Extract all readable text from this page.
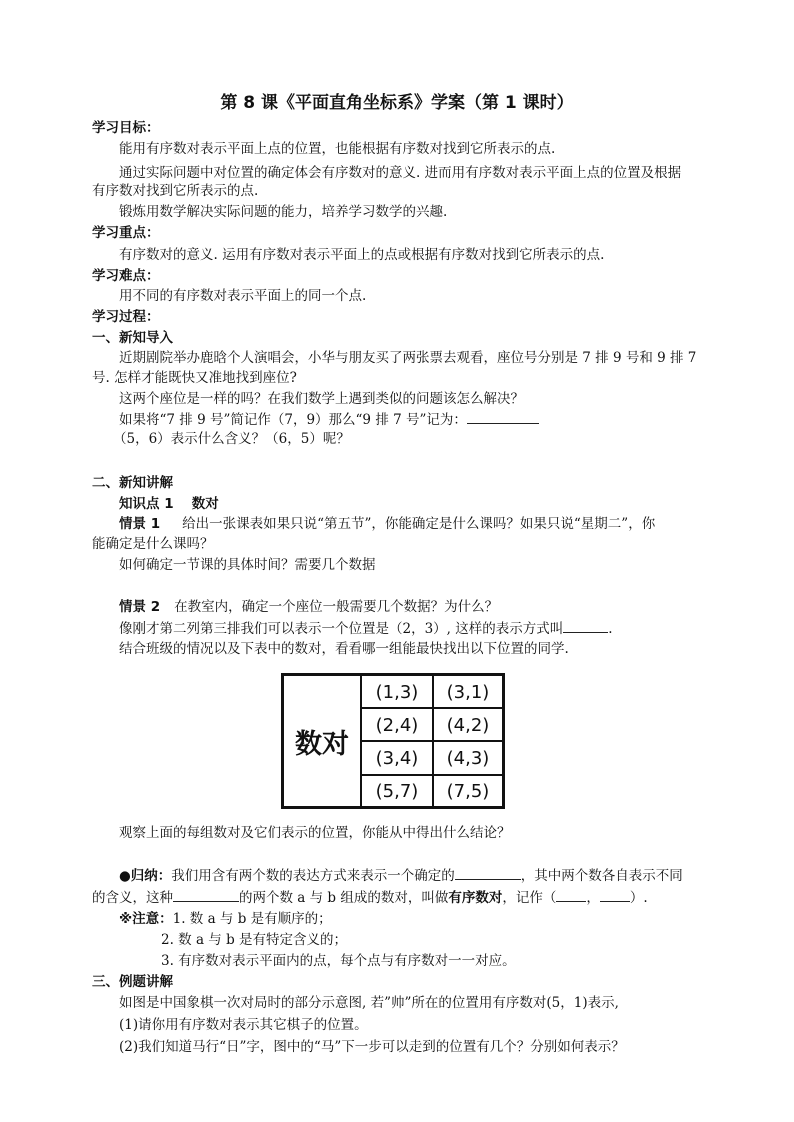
第 8 课《平面直角坐标系》学案（第 1 课时）
学习目标：
能用有序数对表示平面上点的位置，也能根据有序数对找到它所表示的点.
通过实际问题中对位置的确定体会有序数对的意义. 进而用有序数对表示平面上点的位置及根据
有序数对找到它所表示的点.
锻炼用数学解决实际问题的能力，培养学习数学的兴趣.
学习重点：
有序数对的意义. 运用有序数对表示平面上的点或根据有序数对找到它所表示的点.
学习难点：
用不同的有序数对表示平面上的同一个点.
学习过程：
一、新知导入
近期剧院举办鹿晗个人演唱会，小华与朋友买了两张票去观看，座位号分别是 7 排 9 号和 9 排 7
号. 怎样才能既快又准地找到座位?
这两个座位是一样的吗？在我们数学上遇到类似的问题该怎么解决？
如果将“7 排 9 号”简记作（7，9）那么“9 排 7 号”记为：
（5，6）表示什么含义？（6，5）呢？
二、新知讲解
知识点 1　 数对
情景 1 给出一张课表如果只说“第五节”，你能确定是什么课吗？如果只说“星期二”，你
能确定是什么课吗？
如何确定一节课的具体时间？需要几个数据
情景 2 在教室内，确定一个座位一般需要几个数据？为什么？
像刚才第二列第三排我们可以表示一个位置是（2，3）, 这样的表示方式叫	.
结合班级的情况以及下表中的数对，看看哪一组能最快找出以下位置的同学.
数对
(1,3)	(3,1)
(2,4)	(4,2)
(3,4)	(4,3)
(5,7)	(7,5)
观察上面的每组数对及它们表示的位置，你能从中得出什么结论？
●归纳：我们用含有两个数的表达方式来表示一个确定的	，其中两个数各自表示不同
的含义，这种	的两个数 a 与 b 组成的数对，叫做有序数对，记作（ ， ）.
※注意：1. 数 a 与 b 是有顺序的；
2. 数 a 与 b 是有特定含义的；
3. 有序数对表示平面内的点，每个点与有序数对一一对应。
三、例题讲解
如图是中国象棋一次对局时的部分示意图, 若”帅”所在的位置用有序数对(5，1)表示,
(1)请你用有序数对表示其它棋子的位置。
(2)我们知道马行“日”字，图中的“马”下一步可以走到的位置有几个？分别如何表示？
